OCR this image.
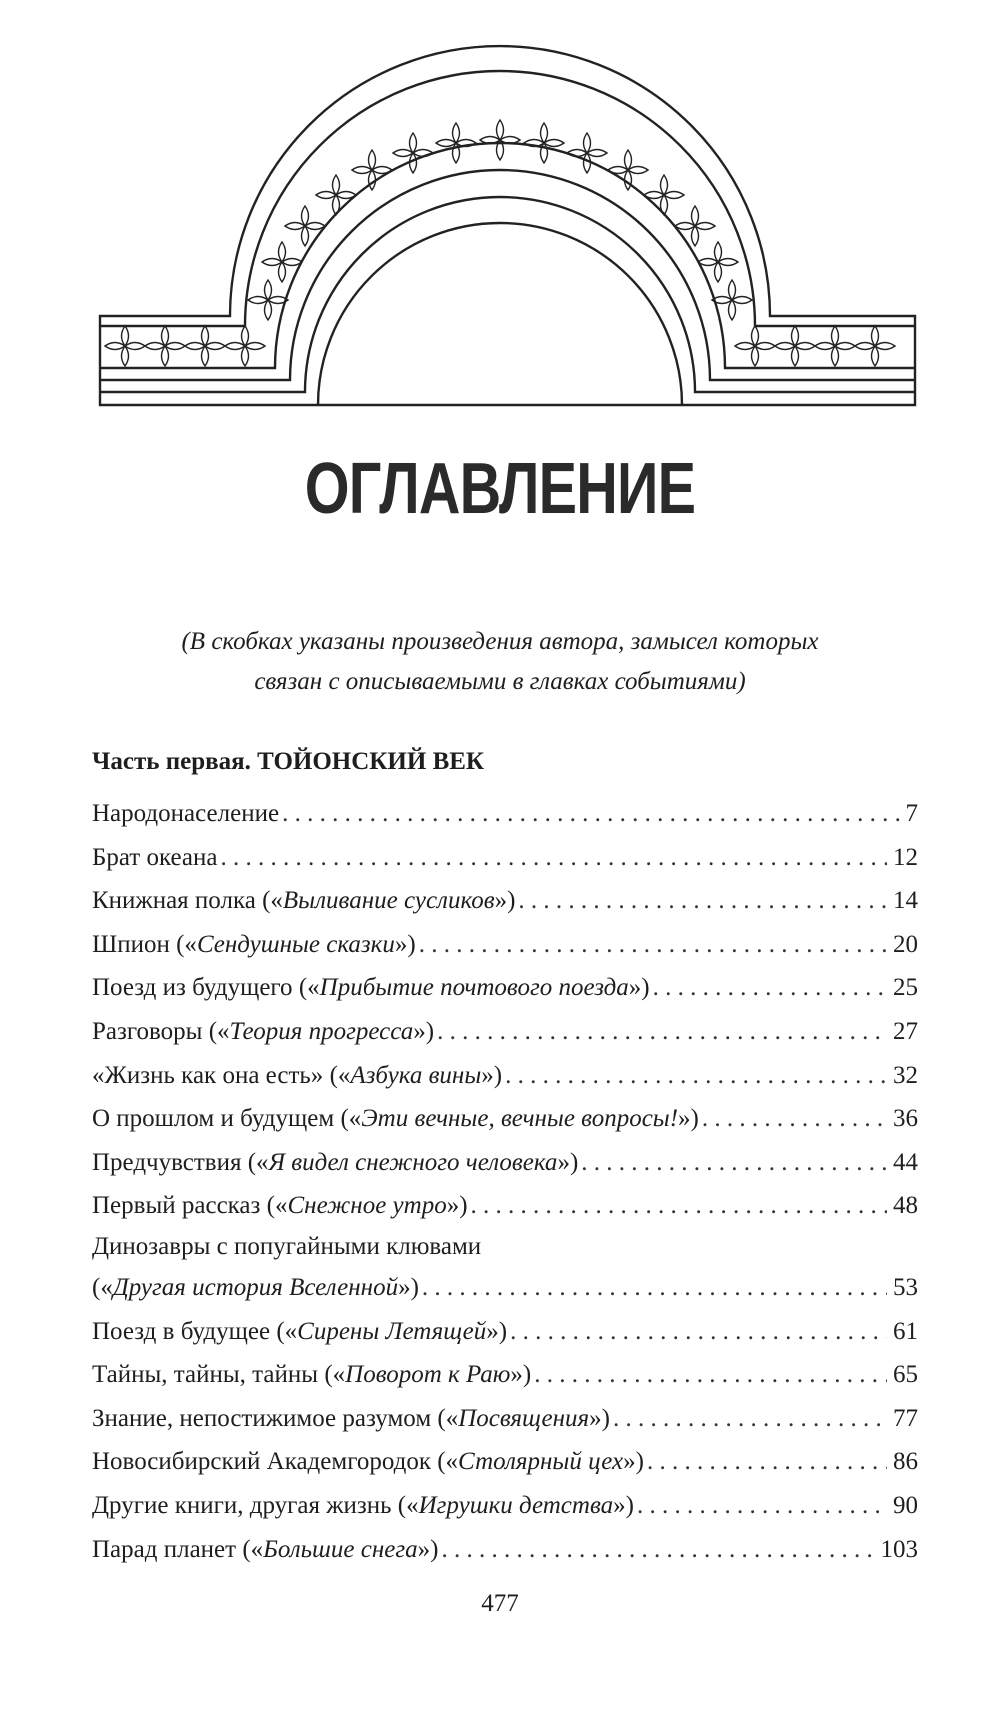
ОГЛАВЛЕНИЕ
(В скобках указаны произведения автора, замысел которых
связан с описываемыми в главках событиями)
Часть первая. ТОЙОНСКИЙ ВЕК
Народонаселение . . .	7
Брат океана . . .	12
Книжная полка («Выливание сусликов») . . .	14
Шпион («Сендушные сказки») . . .	20
Поезд из будущего («Прибытие почтового поезда») . . .	25
Разговоры («Теория прогресса») . . .	27
«Жизнь как она есть» («Азбука вины») . . .	32
О прошлом и будущем («Эти вечные, вечные вопросы!») . . .	36
Предчувствия («Я видел снежного человека») . . .	44
Первый рассказ («Снежное утро») . . .	48
Динозавры с попугайными клювами
(«Другая история Вселенной») . . .	53
Поезд в будущее («Сирены Летящей») . . .	61
Тайны, тайны, тайны («Поворот к Раю») . . .	65
Знание, непостижимое разумом («Посвящения») . . .	77
Новосибирский Академгородок («Столярный цех») . . .	86
Другие книги, другая жизнь («Игрушки детства») . . .	90
Парад планет («Большие снега») . . .	103
477
